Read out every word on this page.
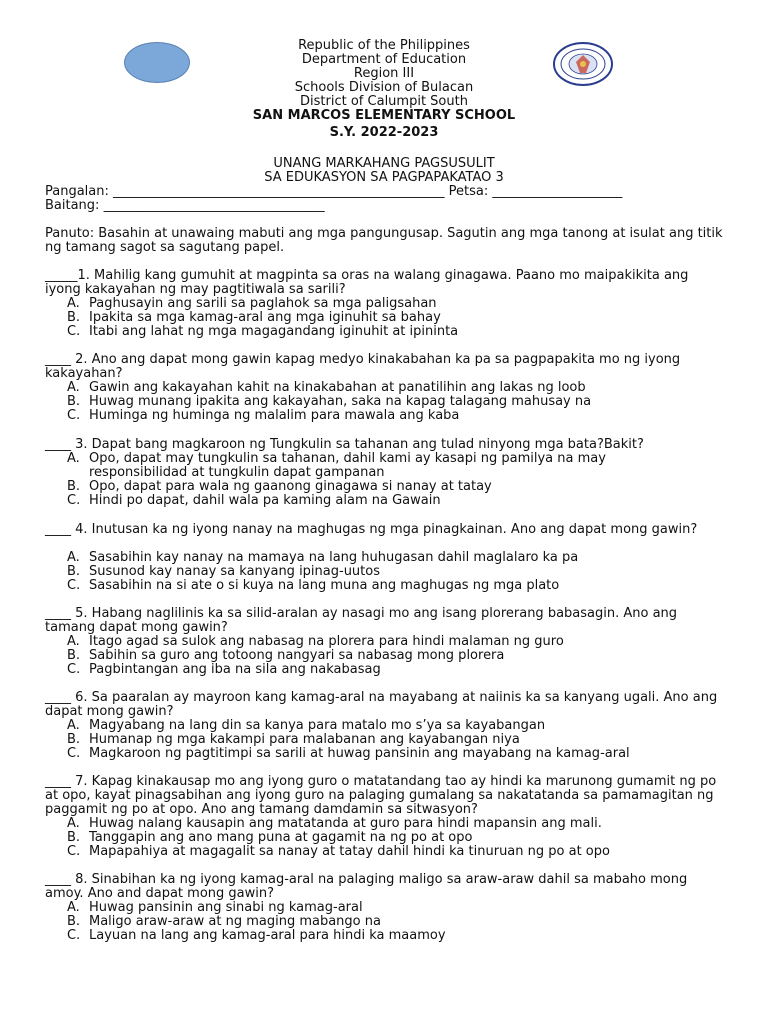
Republic of the Philippines
Department of Education
Region III
Schools Division of Bulacan
District of Calumpit South
SAN MARCOS ELEMENTARY SCHOOL
S.Y. 2022-2023
UNANG MARKAHANG PAGSUSULIT
SA EDUKASYON SA PAGPAPAKATAO 3
Pangalan: ___________________________________________________ Petsa: ____________________
Baitang: __________________________________
Panuto: Basahin at unawaing mabuti ang mga pangungusap. Sagutin ang mga tanong at isulat ang titik ng tamang sagot sa sagutang papel.
_____1. Mahilig kang gumuhit at magpinta sa oras na walang ginagawa. Paano mo maipakikita ang iyong kakayahan ng may pagtitiwala sa sarili?
A. Paghusayin ang sarili sa paglahok sa mga paligsahan
B. Ipakita sa mga kamag-aral ang mga iginuhit sa bahay
C. Itabi ang lahat ng mga magagandang iginuhit at ipininta
____ 2. Ano ang dapat mong gawin kapag medyo kinakabahan ka pa sa pagpapakita mo ng iyong kakayahan?
A. Gawin ang kakayahan kahit na kinakabahan at panatilihin ang lakas ng loob
B. Huwag munang ipakita ang kakayahan, saka na kapag talagang mahusay na
C. Huminga ng huminga ng malalim para mawala ang kaba
____ 3. Dapat bang magkaroon ng Tungkulin sa tahanan ang tulad ninyong mga bata?Bakit?
A. Opo, dapat may tungkulin sa tahanan, dahil kami ay kasapi ng pamilya na may
responsibilidad at tungkulin dapat gampanan
B. Opo, dapat para wala ng gaanong ginagawa si nanay at tatay
C. Hindi po dapat, dahil wala pa kaming alam na Gawain
____ 4. Inutusan ka ng iyong nanay na maghugas ng mga pinagkainan. Ano ang dapat mong gawin?
A. Sasabihin kay nanay na mamaya na lang huhugasan dahil maglalaro ka pa
B. Susunod kay nanay sa kanyang ipinag-uutos
C. Sasabihin na si ate o si kuya na lang muna ang maghugas ng mga plato
____ 5. Habang naglilinis ka sa silid-aralan ay nasagi mo ang isang plorerang babasagin. Ano ang tamang dapat mong gawin?
A. Itago agad sa sulok ang nabasag na plorera para hindi malaman ng guro
B. Sabihin sa guro ang totoong nangyari sa nabasag mong plorera
C. Pagbintangan ang iba na sila ang nakabasag
____ 6. Sa paaralan ay mayroon kang kamag-aral na mayabang at naiinis ka sa kanyang ugali. Ano ang dapat mong gawin?
A. Magyabang na lang din sa kanya para matalo mo s’ya sa kayabangan
B. Humanap ng mga kakampi para malabanan ang kayabangan niya
C. Magkaroon ng pagtitimpi sa sarili at huwag pansinin ang mayabang na kamag-aral
____ 7. Kapag kinakausap mo ang iyong guro o matatandang tao ay hindi ka marunong gumamit ng po at opo, kayat pinagsabihan ang iyong guro na palaging gumalang sa nakatatanda sa pamamagitan ng paggamit ng po at opo. Ano ang tamang damdamin sa sitwasyon?
A. Huwag nalang kausapin ang matatanda at guro para hindi mapansin ang mali.
B. Tanggapin ang ano mang puna at gagamit na ng po at opo
C. Mapapahiya at magagalit sa nanay at tatay dahil hindi ka tinuruan ng po at opo
____ 8. Sinabihan ka ng iyong kamag-aral na palaging maligo sa araw-araw dahil sa mabaho mong amoy. Ano and dapat mong gawin?
A. Huwag pansinin ang sinabi ng kamag-aral
B. Maligo araw-araw at ng maging mabango na
C. Layuan na lang ang kamag-aral para hindi ka maamoy
